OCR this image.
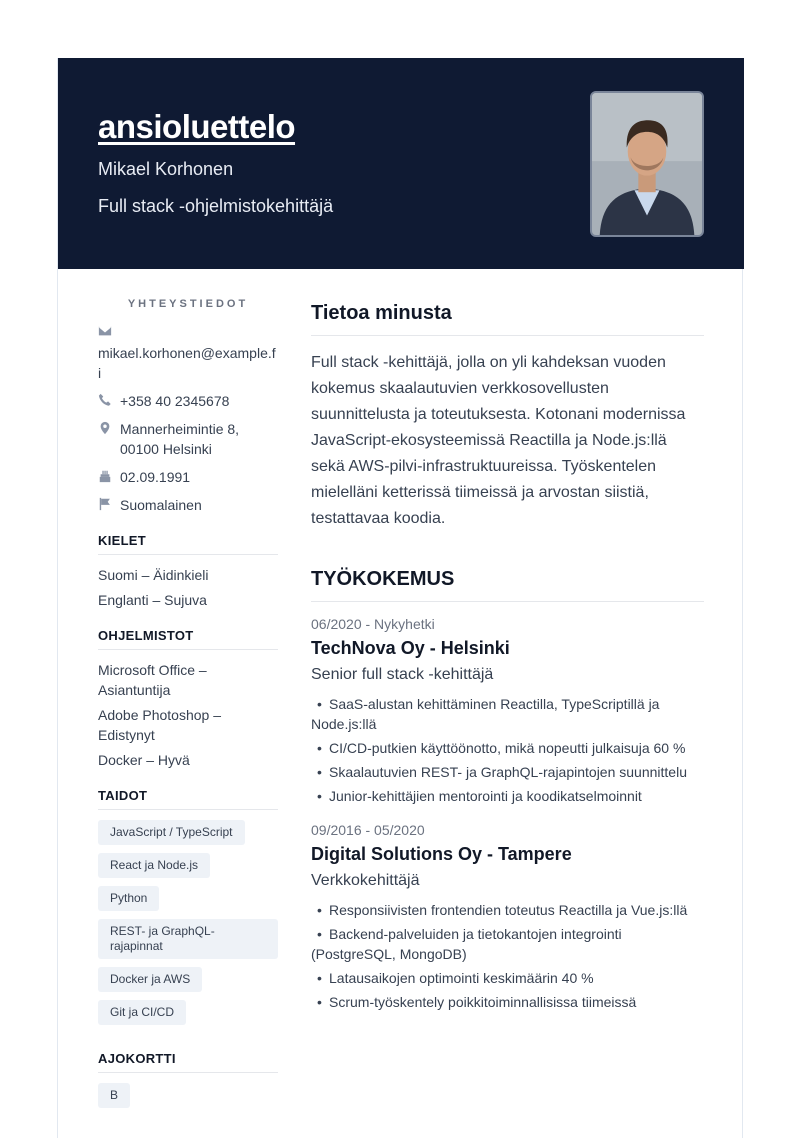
ansioluettelo
Mikael Korhonen
Full stack -ohjelmistokehittäjä
YHTEYSTIEDOT
mikael.korhonen@example.fi
+358 40 2345678
Mannerheimintie 8, 00100 Helsinki
02.09.1991
Suomalainen
KIELET
Suomi – Äidinkieli
Englanti – Sujuva
OHJELMISTOT
Microsoft Office – Asiantuntija
Adobe Photoshop – Edistynyt
Docker – Hyvä
TAIDOT
JavaScript / TypeScript
React ja Node.js
Python
REST- ja GraphQL-rajapinnat
Docker ja AWS
Git ja CI/CD
AJOKORTTI
B
Tietoa minusta

Full stack -kehittäjä, jolla on yli kahdeksan vuoden kokemus skaalautuvien verkkosovellusten suunnittelusta ja toteutuksesta. Kotonani modernissa JavaScript-ekosysteemissä Reactilla ja Node.js:llä sekä AWS-pilvi-infrastruktuureissa. Työskentelen mielelläni ketterissä tiimeissä ja arvostan siistiä, testattavaa koodia.

TYÖKOKEMUS
06/2020 - Nykyhetki
TechNova Oy - Helsinki
Senior full stack -kehittäjä
• SaaS-alustan kehittäminen Reactilla, TypeScriptillä ja Node.js:llä
• CI/CD-putkien käyttöönotto, mikä nopeutti julkaisuja 60 %
• Skaalautuvien REST- ja GraphQL-rajapintojen suunnittelu
• Junior-kehittäjien mentorointi ja koodikatselmoinnit
09/2016 - 05/2020
Digital Solutions Oy - Tampere
Verkkokehittäjä
• Responsiivisten frontendien toteutus Reactilla ja Vue.js:llä
• Backend-palveluiden ja tietokantojen integrointi (PostgreSQL, MongoDB)
• Latausaikojen optimointi keskimäärin 40 %
• Scrum-työskentely poikkitoiminnallisissa tiimeissä
